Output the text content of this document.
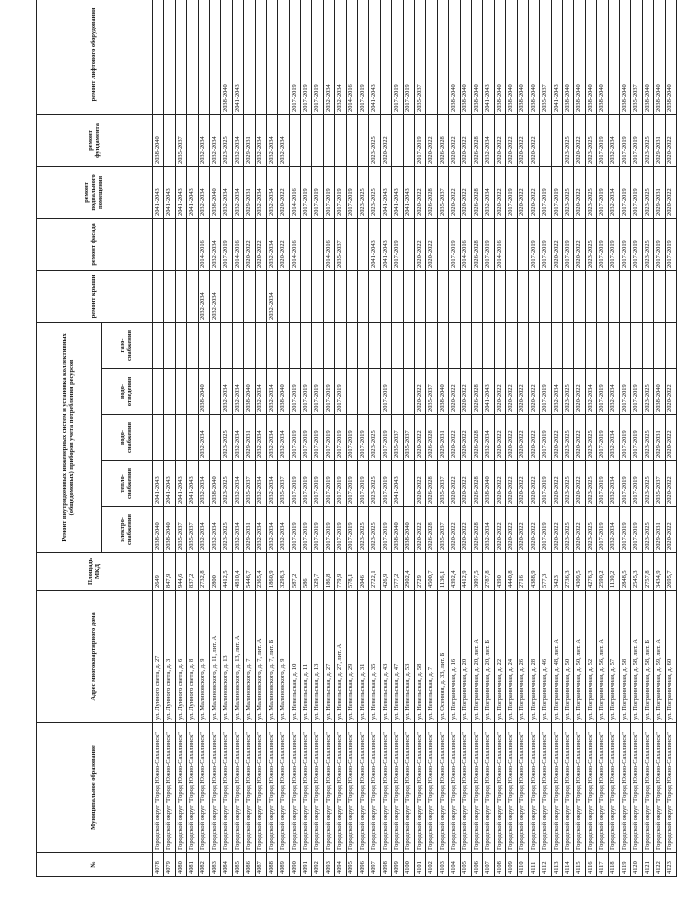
№	Муниципальное образование	Адрес многоквартирного дома	Площадь МКД	Ремонт внутридомовых инженерных систем и установка коллективных (общедомовых) приборов учета потребления ресурсов					ремонт крыши	ремонт фасада	ремонт подвального помещения	ремонт фундамента	ремонт лифтового оборудования
				электро-снабжения	тепло-снабжения	водо-снабжения	водо-отведения	газо-снабжения					
4078	Городской округ "Город Южно-Сахалинск"	ул. Лунного света, д. 27	2649	2038-2040	2041-2043						2041-2043	2038-2040	
4079	Городской округ "Город Южно-Сахалинск"	ул. Лунного света, д. 3	847,9	2038-2040	2041-2043						2041-2043		
4080	Городской округ "Город Южно-Сахалинск"	ул. Лунного света, д. 6	944,6	2035-2037	2041-2043						2041-2043	2035-2037	
4081	Городской округ "Город Южно-Сахалинск"	ул. Лунного света, д. 8	837,2	2035-2037	2041-2043						2041-2043		
4082	Городской округ "Город Южно-Сахалинск"	ул. Малиновского, д. 9	2732,8	2032-2034	2032-2034	2032-2034	2038-2040		2032-2034	2014-2016	2032-2034	2032-2034	
4083	Городской округ "Город Южно-Сахалинск"	ул. Малиновского, д. 11, лит. А	2800	2032-2034	2038-2040				2032-2034	2032-2034	2038-2040	2032-2034	
4084	Городской округ "Город Южно-Сахалинск"	ул. Малиновского, д. 13	4412,5	2023-2025	2023-2025	2023-2025	2032-2034			2017-2019	2032-2034	2023-2025	2038-2040
4085	Городской округ "Город Южно-Сахалинск"	ул. Малиновского, д. 13, лит. А	4810,4	2032-2034	2032-2034	2032-2034	2032-2034			2014-2016	2032-2034	2032-2034	2041-2043
4086	Городской округ "Город Южно-Сахалинск"	ул. Малиновского, д. 7	5446,7	2029-2031	2035-2037	2029-2031	2038-2040			2020-2022	2029-2031	2029-2031	
4087	Городской округ "Город Южно-Сахалинск"	ул. Малиновского, д. 7, лит. А	2365,4	2032-2034	2032-2034	2032-2034	2032-2034			2020-2022	2032-2034	2032-2034	
4088	Городской округ "Город Южно-Сахалинск"	ул. Малиновского, д. 7, лит. Б	1860,9	2032-2034	2032-2034	2032-2034	2032-2034		2032-2034	2032-2034	2032-2034	2032-2034	
4089	Городской округ "Город Южно-Сахалинск"	ул. Малиновского, д. 9	3298,3	2032-2034	2035-2037	2032-2034	2038-2040			2020-2022	2020-2022	2032-2034	
4090	Городской округ "Город Южно-Сахалинск"	ул. Невельская, д. 10	587,2	2017-2019	2017-2019	2017-2019	2017-2019			2014-2016	2014-2016		2017-2019
4091	Городской округ "Город Южно-Сахалинск"	ул. Невельская, д. 11	586	2017-2019	2017-2019	2017-2019	2017-2019				2017-2019		2017-2019
4092	Городской округ "Город Южно-Сахалинск"	ул. Невельская, д. 13	329,7	2017-2019	2017-2019	2017-2019	2017-2019				2017-2019		2017-2019
4093	Городской округ "Город Южно-Сахалинск"	ул. Невельская, д. 27	186,8	2017-2019	2017-2019	2017-2019	2017-2019			2014-2016	2017-2019		2032-2034
4094	Городской округ "Город Южно-Сахалинск"	ул. Невельская, д. 27, лит. А	779,9	2017-2019	2017-2019	2017-2019	2017-2019			2035-2037	2017-2019		2032-2034
4095	Городской округ "Город Южно-Сахалинск"	ул. Невельская, д. 29	578,1	2017-2019	2017-2019	2017-2019					2017-2019		2014-2016
4096	Городской округ "Город Южно-Сахалинск"	ул. Невельская, д. 31	2046	2023-2025	2017-2019	2017-2019					2023-2025		2017-2019
4097	Городской округ "Город Южно-Сахалинск"	ул. Невельская, д. 35	2722,1	2023-2025	2023-2025	2023-2025				2041-2043	2023-2025	2023-2025	2041-2043
4098	Городской округ "Город Южно-Сахалинск"	ул. Невельская, д. 43	426,9	2017-2019	2017-2019	2017-2019	2017-2019			2041-2043	2041-2043	2020-2022	
4099	Городской округ "Город Южно-Сахалинск"	ул. Невельская, д. 47	577,2	2038-2040	2041-2043	2035-2037				2017-2019	2041-2043		2017-2019
4100	Городской округ "Город Южно-Сахалинск"	ул. Невельская, д. 53	2902,4	2038-2040		2035-2037					2041-2043		2017-2019
4101	Городской округ "Город Южно-Сахалинск"	ул. Невельская, д. 58	2729	2020-2022	2020-2022	2020-2022	2020-2022			2020-2022	2020-2022	2017-2019	2035-2037
4102	Городской округ "Город Южно-Сахалинск"	ул. Невельская, д. 7	4500,7	2026-2028	2026-2028	2026-2028	2035-2037			2020-2022	2026-2028	2020-2022	
4103	Городской округ "Город Южно-Сахалинск"	ул. Осенняя, д. 33, лит. Б	1136,1	2035-2037	2035-2037	2029-2031	2038-2040				2035-2037	2026-2028	
4104	Городской округ "Город Южно-Сахалинск"	ул. Пограничная, д. 16	4392,4	2020-2022	2020-2022	2020-2022	2020-2022			2017-2019	2020-2022	2020-2022	2038-2040
4105	Городской округ "Город Южно-Сахалинск"	ул. Пограничная, д. 20	4412,9	2020-2022	2020-2022	2020-2022	2020-2022			2014-2016	2020-2022	2020-2022	2038-2040
4106	Городской округ "Город Южно-Сахалинск"	ул. Пограничная, д. 20, лит. А	3097,5	2026-2028	2026-2028	2026-2028	2026-2028			2026-2028	2026-2028	2026-2028	2038-2040
4107	Городской округ "Город Южно-Сахалинск"	ул. Пограничная, д. 20, лит. Б	2787,8	2032-2034	2038-2040	2032-2034	2041-2043			2017-2019	2032-2034	2032-2034	2041-2043
4108	Городской округ "Город Южно-Сахалинск"	ул. Пограничная, д. 22	4390	2020-2022	2020-2022	2020-2022	2020-2022			2014-2016	2020-2022	2020-2022	2038-2040
4109	Городской округ "Город Южно-Сахалинск"	ул. Пограничная, д. 24	4440,8	2020-2022	2020-2022	2020-2022	2020-2022				2017-2019	2020-2022	2038-2040
4110	Городской округ "Город Южно-Сахалинск"	ул. Пограничная, д. 26	2716	2020-2022	2020-2022	2020-2022	2020-2022				2020-2022	2020-2022	2038-2040
4111	Городской округ "Город Южно-Сахалинск"	ул. Пограничная, д. 28	4388,9	2020-2022	2020-2022	2020-2022	2020-2022			2017-2019	2020-2022	2020-2022	2038-2040
4112	Городской округ "Город Южно-Сахалинск"	ул. Пограничная, д. 46	577,3	2017-2019	2017-2019	2017-2019	2017-2019			2017-2019	2017-2019		2035-2037
4113	Городской округ "Город Южно-Сахалинск"	ул. Пограничная, д. 48, лит. А	3423	2020-2022	2020-2022	2020-2022	2032-2034			2020-2022	2017-2019		2041-2043
4114	Городской округ "Город Южно-Сахалинск"	ул. Пограничная, д. 50	2736,3	2023-2025	2023-2025	2023-2025	2023-2025			2017-2019	2023-2025	2023-2025	2038-2040
4115	Городской округ "Город Южно-Сахалинск"	ул. Пограничная, д. 50, лит. А	4309,5	2020-2022	2020-2022	2020-2022	2020-2022			2020-2022	2020-2022	2020-2022	2038-2040
4116	Городской округ "Город Южно-Сахалинск"	ул. Пограничная, д. 52	4276,3	2023-2025	2023-2025	2023-2025	2032-2034			2023-2025	2023-2025	2023-2025	2038-2040
4117	Городской округ "Город Южно-Сахалинск"	ул. Пограничная, д. 56, лит. А	2590,2	2017-2019	2017-2019	2017-2019	2017-2019			2017-2019	2017-2019	2017-2019	2038-2040
4118	Городской округ "Город Южно-Сахалинск"	ул. Пограничная, д. 57	1130,2	2032-2034	2032-2034	2032-2034	2032-2034			2017-2019	2032-2034	2032-2034	
4119	Городской округ "Город Южно-Сахалинск"	ул. Пограничная, д. 58	2848,5	2017-2019	2017-2019	2017-2019	2017-2019			2017-2019	2017-2019	2017-2019	2038-2040
4120	Городской округ "Город Южно-Сахалинск"	ул. Пограничная, д. 58, лит. А	2545,3	2017-2019	2017-2019	2017-2019	2017-2019			2017-2019	2017-2019	2017-2019	2035-2037
4121	Городской округ "Город Южно-Сахалинск"	ул. Пограничная, д. 58, лит. Б	2757,8	2023-2025	2023-2025	2023-2025	2023-2025			2023-2025	2023-2025	2023-2025	2038-2040
4122	Городской округ "Город Южно-Сахалинск"	ул. Пограничная, д. 59, лит. А	3434,9	2029-2031	2035-2037	2029-2031	2038-2040			2017-2019	2029-2031	2029-2031	2038-2040
4123	Городской округ "Город Южно-Сахалинск"	ул. Пограничная, д. 60	2695,7	2020-2022	2020-2022	2020-2022	2020-2022			2017-2019	2020-2022	2020-2022	2038-2040
